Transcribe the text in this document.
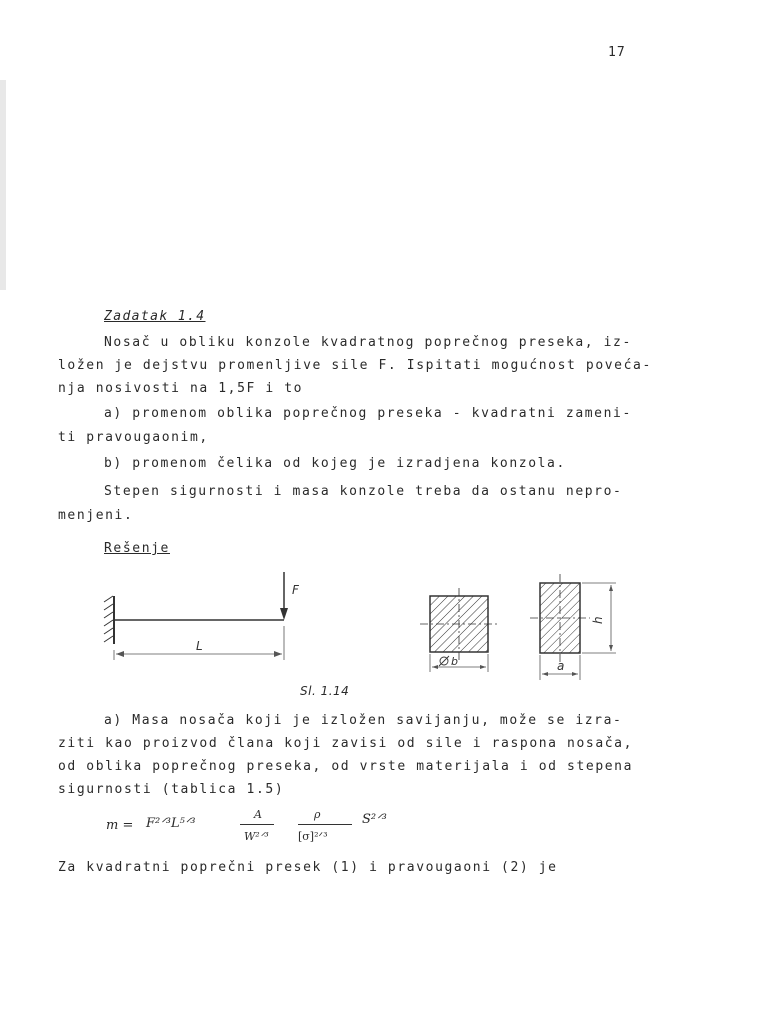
17
Zadatak 1.4
Nosač u obliku konzole kvadratnog poprečnog preseka, iz-
ložen je dejstvu promenljive sile F. Ispitati mogućnost poveća-
nja nosivosti na 1,5F i to
a) promenom oblika poprečnog preseka - kvadratni zameni-
ti pravougaonim,
b) promenom čelika od kojeg je izradjena konzola.
Stepen sigurnosti i masa konzole treba da ostanu nepro-
menjeni.
Rešenje
F
L
b	a
h
Sl. 1.14
a) Masa nosača koji je izložen savijanju, može se izra-
ziti kao proizvod člana koji zavisi od sile i raspona nosača,
od oblika poprečnog preseka, od vrste materijala i od stepena
sigurnosti (tablica 1.5)
m = F²ᐟ³L⁵ᐟ³
A
W²ᐟ³
ρ
[σ]²ᐟ³
S²ᐟ³
Za kvadratni poprečni presek (1) i pravougaoni (2) je
